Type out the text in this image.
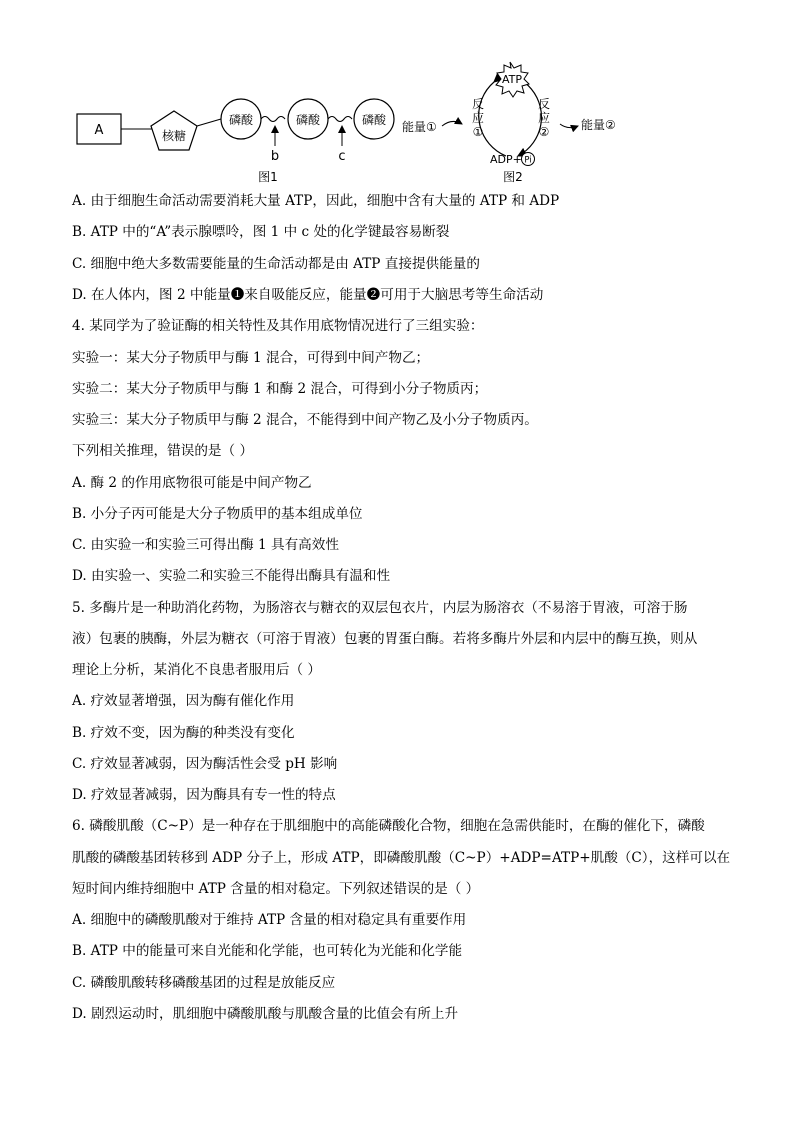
A	核糖
磷酸	磷酸	磷酸
b	c
图1
能量①
ATP
反
应
①
反
应
②	能量②
ADP+ Pi
图2
A. 由于细胞生命活动需要消耗大量 ATP，因此，细胞中含有大量的 ATP 和 ADP
B. ATP 中的“A”表示腺嘌呤，图 1 中 c 处的化学键最容易断裂
C. 细胞中绝大多数需要能量的生命活动都是由 ATP 直接提供能量的
D. 在人体内，图 2 中能量❶来自吸能反应，能量❷可用于大脑思考等生命活动
4. 某同学为了验证酶的相关特性及其作用底物情况进行了三组实验：
实验一：某大分子物质甲与酶 1 混合，可得到中间产物乙；
实验二：某大分子物质甲与酶 1 和酶 2 混合，可得到小分子物质丙；
实验三：某大分子物质甲与酶 2 混合，不能得到中间产物乙及小分子物质丙。
下列相关推理，错误的是（ ）
A. 酶 2 的作用底物很可能是中间产物乙
B. 小分子丙可能是大分子物质甲的基本组成单位
C. 由实验一和实验三可得出酶 1 具有高效性
D. 由实验一、实验二和实验三不能得出酶具有温和性
5. 多酶片是一种助消化药物，为肠溶衣与糖衣的双层包衣片，内层为肠溶衣（不易溶于胃液，可溶于肠
液）包裹的胰酶，外层为糖衣（可溶于胃液）包裹的胃蛋白酶。若将多酶片外层和内层中的酶互换，则从
理论上分析，某消化不良患者服用后（ ）
A. 疗效显著增强，因为酶有催化作用
B. 疗效不变，因为酶的种类没有变化
C. 疗效显著减弱，因为酶活性会受 pH 影响
D. 疗效显著减弱，因为酶具有专一性的特点
6. 磷酸肌酸（C~P）是一种存在于肌细胞中的高能磷酸化合物，细胞在急需供能时，在酶的催化下，磷酸
肌酸的磷酸基团转移到 ADP 分子上，形成 ATP，即磷酸肌酸（C~P）+ADP=ATP+肌酸（C），这样可以在
短时间内维持细胞中 ATP 含量的相对稳定。下列叙述错误的是（ ）
A. 细胞中的磷酸肌酸对于维持 ATP 含量的相对稳定具有重要作用
B. ATP 中的能量可来自光能和化学能，也可转化为光能和化学能
C. 磷酸肌酸转移磷酸基团的过程是放能反应
D. 剧烈运动时，肌细胞中磷酸肌酸与肌酸含量的比值会有所上升
